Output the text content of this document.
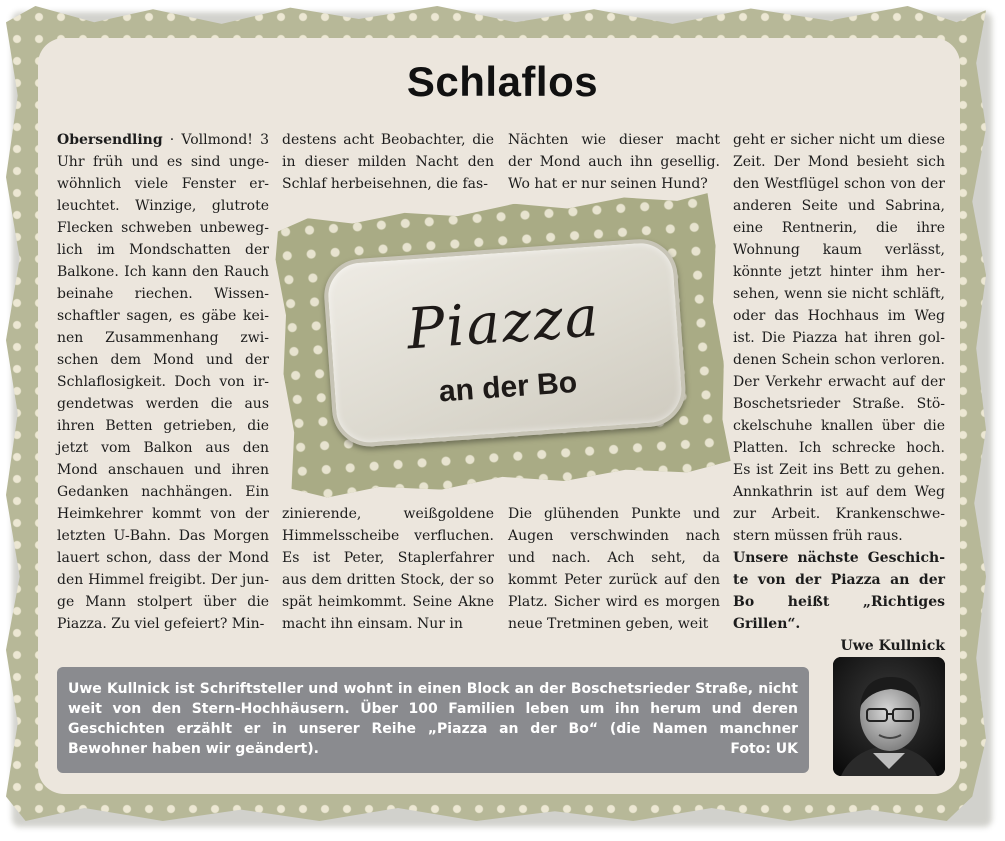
Schlaflos

Obersendling · Vollmond! 3 Uhr früh und es sind ungewöhnlich viele Fenster erleuchtet. Winzige, glutrote Flecken schweben unbeweglich im Mondschatten der Balkone. Ich kann den Rauch beinahe riechen. Wissenschaftler sagen, es gäbe keinen Zusammenhang zwischen dem Mond und der Schlaflosigkeit. Doch von irgendetwas werden die aus ihren Betten getrieben, die jetzt vom Balkon aus den Mond anschauen und ihren Gedanken nachhängen. Ein Heimkehrer kommt von der letzten U-Bahn. Das Morgen lauert schon, dass der Mond den Himmel freigibt. Der junge Mann stolpert über die Piazza. Zu viel gefeiert? Min-

destens acht Beobachter, die in dieser milden Nacht den Schlaf herbeisehnen, die fas-

zinierende, weißgoldene Himmelsscheibe verfluchen. Es ist Peter, Staplerfahrer aus dem dritten Stock, der so spät heimkommt. Seine Akne macht ihn einsam. Nur in

Nächten wie dieser macht der Mond auch ihn gesellig. Wo hat er nur seinen Hund?

Die glühenden Punkte und Augen verschwinden nach und nach. Ach seht, da kommt Peter zurück auf den Platz. Sicher wird es morgen neue Tretminen geben, weit

geht er sicher nicht um diese Zeit. Der Mond besieht sich den Westflügel schon von der anderen Seite und Sabrina, eine Rentnerin, die ihre Wohnung kaum verlässt, könnte jetzt hinter ihm hersehen, wenn sie nicht schläft, oder das Hochhaus im Weg ist. Die Piazza hat ihren goldenen Schein schon verloren. Der Verkehr erwacht auf der Boschetsrieder Straße. Stöckelschuhe knallen über die Platten. Ich schrecke hoch. Es ist Zeit ins Bett zu gehen. Annkathrin ist auf dem Weg zur Arbeit. Krankenschwestern müssen früh raus.

Unsere nächste Geschichte von der Piazza an der Bo heißt „Richtiges Grillen“.

Uwe Kullnick

Piazza
an der Bo
Uwe Kullnick ist Schriftsteller und wohnt in einen Block an der Boschetsrieder Straße, nicht weit von den Stern-Hochhäusern. Über 100 Familien leben um ihn herum und deren Geschichten erzählt er in unserer Reihe „Piazza an der Bo“ (die Namen manchner Bewohner haben wir geändert).	Foto: UK
